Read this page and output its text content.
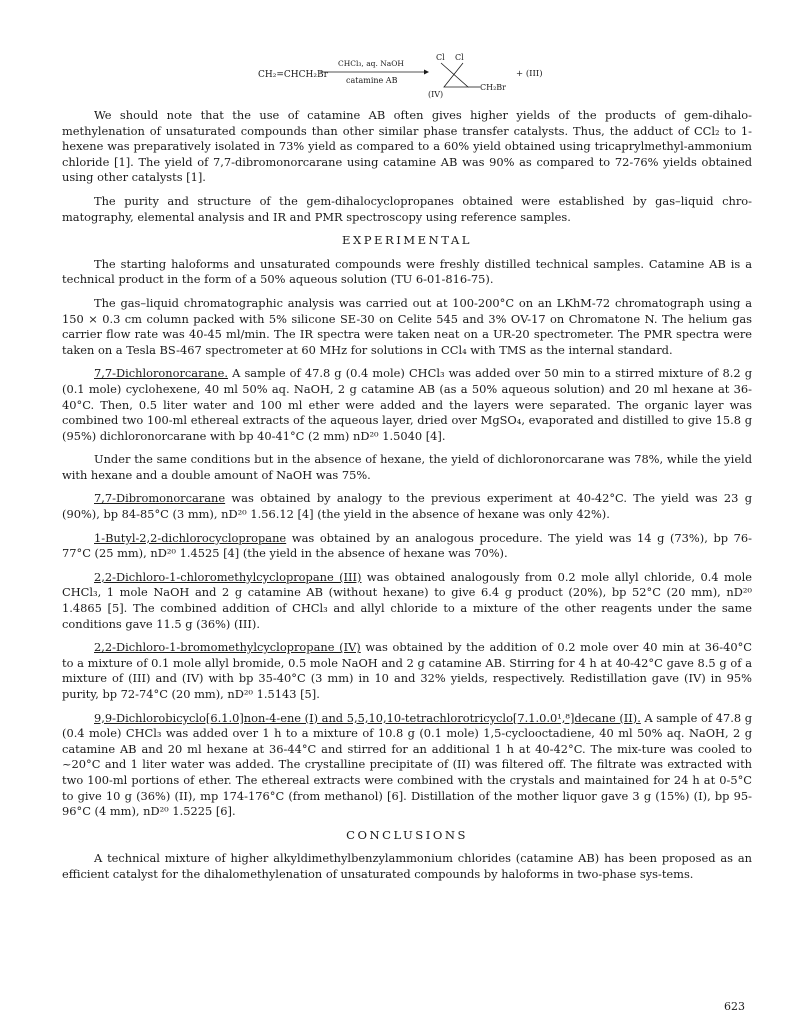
CH₂=CHCH₂Br
CHCl₃, aq. NaOH
catamine AB
Cl Cl
CH₂Br
(IV)
+ (III)

We should note that the use of catamine AB often gives higher yields of the products of gem-dihalo-methylenation of unsaturated compounds than other similar phase transfer catalysts. Thus, the adduct of CCl₂ to 1-hexene was preparatively isolated in 73% yield as compared to a 60% yield obtained using tricaprylmethyl-ammonium chloride [1]. The yield of 7,7-dibromonorcarane using catamine AB was 90% as compared to 72-76% yields obtained using other catalysts [1].

The purity and structure of the gem-dihalocyclopropanes obtained were established by gas–liquid chro-matography, elemental analysis and IR and PMR spectroscopy using reference samples.

EXPERIMENTAL

The starting haloforms and unsaturated compounds were freshly distilled technical samples. Catamine AB is a technical product in the form of a 50% aqueous solution (TU 6-01-816-75).

The gas–liquid chromatographic analysis was carried out at 100-200°C on an LKhM-72 chromatograph using a 150 × 0.3 cm column packed with 5% silicone SE-30 on Celite 545 and 3% OV-17 on Chromatone N. The helium gas carrier flow rate was 40-45 ml/min. The IR spectra were taken neat on a UR-20 spectrometer. The PMR spectra were taken on a Tesla BS-467 spectrometer at 60 MHz for solutions in CCl₄ with TMS as the internal standard.

7,7-Dichloronorcarane. A sample of 47.8 g (0.4 mole) CHCl₃ was added over 50 min to a stirred mixture of 8.2 g (0.1 mole) cyclohexene, 40 ml 50% aq. NaOH, 2 g catamine AB (as a 50% aqueous solution) and 20 ml hexane at 36-40°C. Then, 0.5 liter water and 100 ml ether were added and the layers were separated. The organic layer was combined two 100-ml ethereal extracts of the aqueous layer, dried over MgSO₄, evaporated and distilled to give 15.8 g (95%) dichloronorcarane with bp 40-41°C (2 mm) nD²⁰ 1.5040 [4].

Under the same conditions but in the absence of hexane, the yield of dichloronorcarane was 78%, while the yield with hexane and a double amount of NaOH was 75%.

7,7-Dibromonorcarane was obtained by analogy to the previous experiment at 40-42°C. The yield was 23 g (90%), bp 84-85°C (3 mm), nD²⁰ 1.56.12 [4] (the yield in the absence of hexane was only 42%).

1-Butyl-2,2-dichlorocyclopropane was obtained by an analogous procedure. The yield was 14 g (73%), bp 76-77°C (25 mm), nD²⁰ 1.4525 [4] (the yield in the absence of hexane was 70%).

2,2-Dichloro-1-chloromethylcyclopropane (III) was obtained analogously from 0.2 mole allyl chloride, 0.4 mole CHCl₃, 1 mole NaOH and 2 g catamine AB (without hexane) to give 6.4 g product (20%), bp 52°C (20 mm), nD²⁰ 1.4865 [5]. The combined addition of CHCl₃ and allyl chloride to a mixture of the other reagents under the same conditions gave 11.5 g (36%) (III).

2,2-Dichloro-1-bromomethylcyclopropane (IV) was obtained by the addition of 0.2 mole over 40 min at 36-40°C to a mixture of 0.1 mole allyl bromide, 0.5 mole NaOH and 2 g catamine AB. Stirring for 4 h at 40-42°C gave 8.5 g of a mixture of (III) and (IV) with bp 35-40°C (3 mm) in 10 and 32% yields, respectively. Redistillation gave (IV) in 95% purity, bp 72-74°C (20 mm), nD²⁰ 1.5143 [5].

9,9-Dichlorobicyclo[6.1.0]non-4-ene (I) and 5,5,10,10-tetrachlorotricyclo[7.1.0.0¹,⁸]decane (II). A sample of 47.8 g (0.4 mole) CHCl₃ was added over 1 h to a mixture of 10.8 g (0.1 mole) 1,5-cyclooctadiene, 40 ml 50% aq. NaOH, 2 g catamine AB and 20 ml hexane at 36-44°C and stirred for an additional 1 h at 40-42°C. The mix-ture was cooled to ~20°C and 1 liter water was added. The crystalline precipitate of (II) was filtered off. The filtrate was extracted with two 100-ml portions of ether. The ethereal extracts were combined with the crystals and maintained for 24 h at 0-5°C to give 10 g (36%) (II), mp 174-176°C (from methanol) [6]. Distillation of the mother liquor gave 3 g (15%) (I), bp 95-96°C (4 mm), nD²⁰ 1.5225 [6].

CONCLUSIONS

A technical mixture of higher alkyldimethylbenzylammonium chlorides (catamine AB) has been proposed as an efficient catalyst for the dihalomethylenation of unsaturated compounds by haloforms in two-phase sys-tems.

623
